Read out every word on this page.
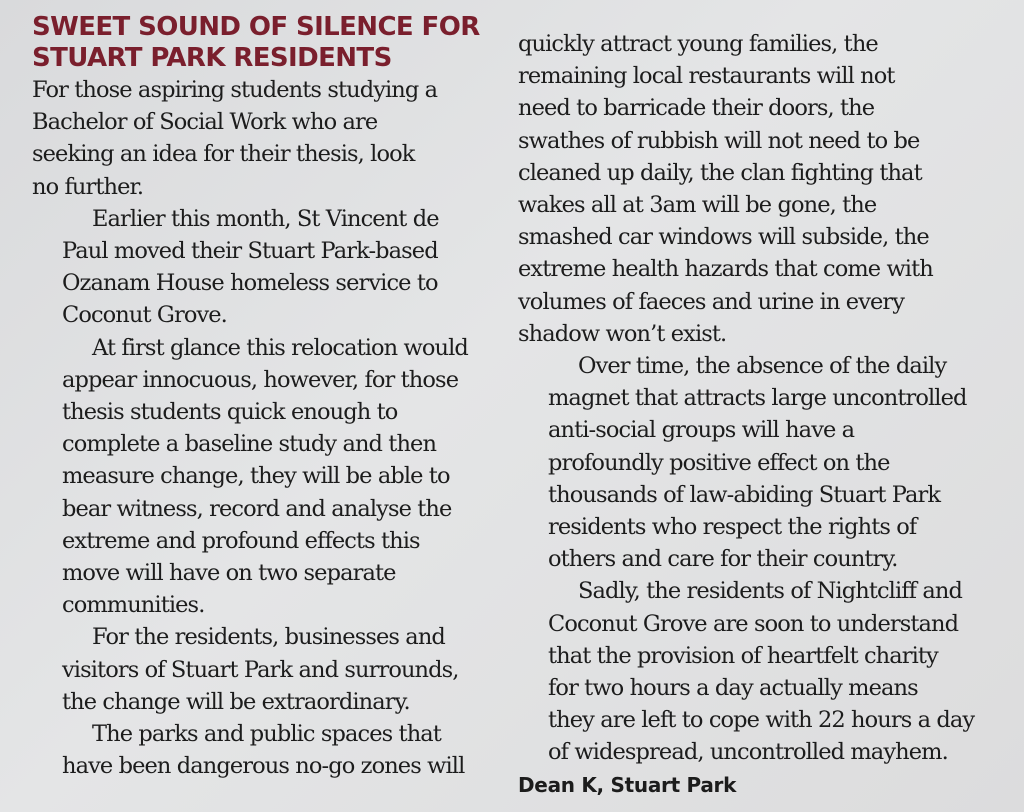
SWEET SOUND OF SILENCE FOR
STUART PARK RESIDENTS

For those aspiring students studying a
Bachelor of Social Work who are
seeking an idea for their thesis, look
no further.

Earlier this month, St Vincent de
Paul moved their Stuart Park-based
Ozanam House homeless service to
Coconut Grove.

At first glance this relocation would
appear innocuous, however, for those
thesis students quick enough to
complete a baseline study and then
measure change, they will be able to
bear witness, record and analyse the
extreme and profound effects this
move will have on two separate
communities.

For the residents, businesses and
visitors of Stuart Park and surrounds,
the change will be extraordinary.

The parks and public spaces that
have been dangerous no-go zones will

quickly attract young families, the
remaining local restaurants will not
need to barricade their doors, the
swathes of rubbish will not need to be
cleaned up daily, the clan fighting that
wakes all at 3am will be gone, the
smashed car windows will subside, the
extreme health hazards that come with
volumes of faeces and urine in every
shadow won’t exist.

Over time, the absence of the daily
magnet that attracts large uncontrolled
anti-social groups will have a
profoundly positive effect on the
thousands of law-abiding Stuart Park
residents who respect the rights of
others and care for their country.

Sadly, the residents of Nightcliff and
Coconut Grove are soon to understand
that the provision of heartfelt charity
for two hours a day actually means
they are left to cope with 22 hours a day
of widespread, uncontrolled mayhem.

Dean K, Stuart Park
